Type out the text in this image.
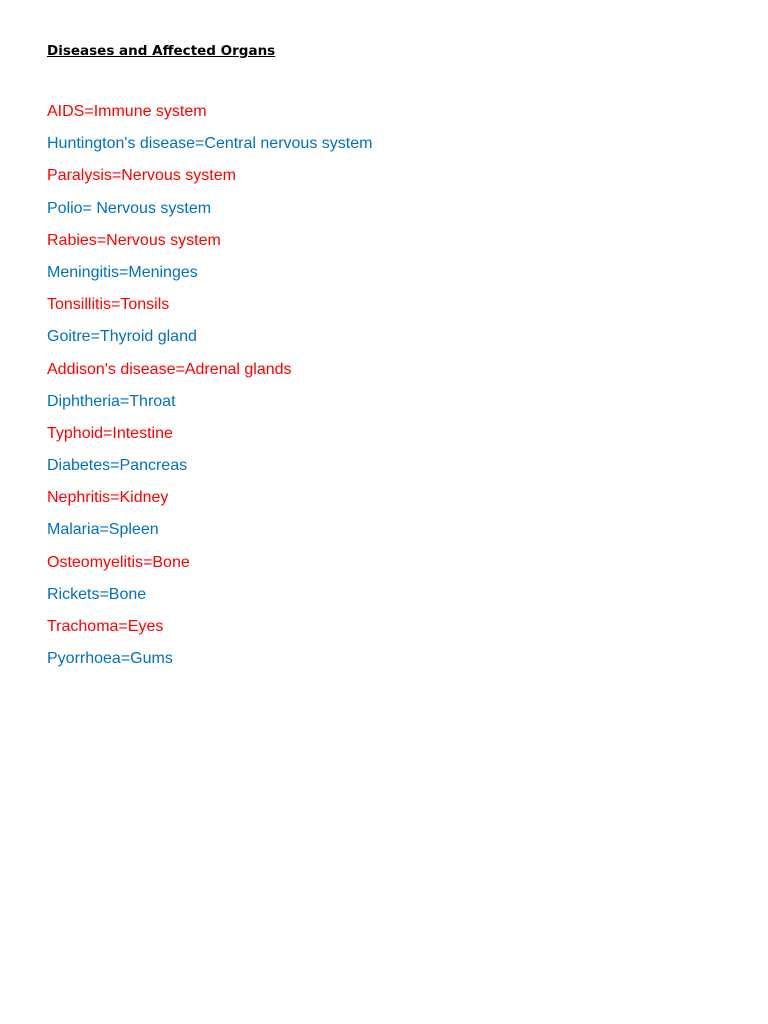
Diseases and Affected Organs
AIDS=Immune system
Huntington's disease=Central nervous system
Paralysis=Nervous system
Polio= Nervous system
Rabies=Nervous system
Meningitis=Meninges
Tonsillitis=Tonsils
Goitre=Thyroid gland
Addison's disease=Adrenal glands
Diphtheria=Throat
Typhoid=Intestine
Diabetes=Pancreas
Nephritis=Kidney
Malaria=Spleen
Osteomyelitis=Bone
Rickets=Bone
Trachoma=Eyes
Pyorrhoea=Gums
